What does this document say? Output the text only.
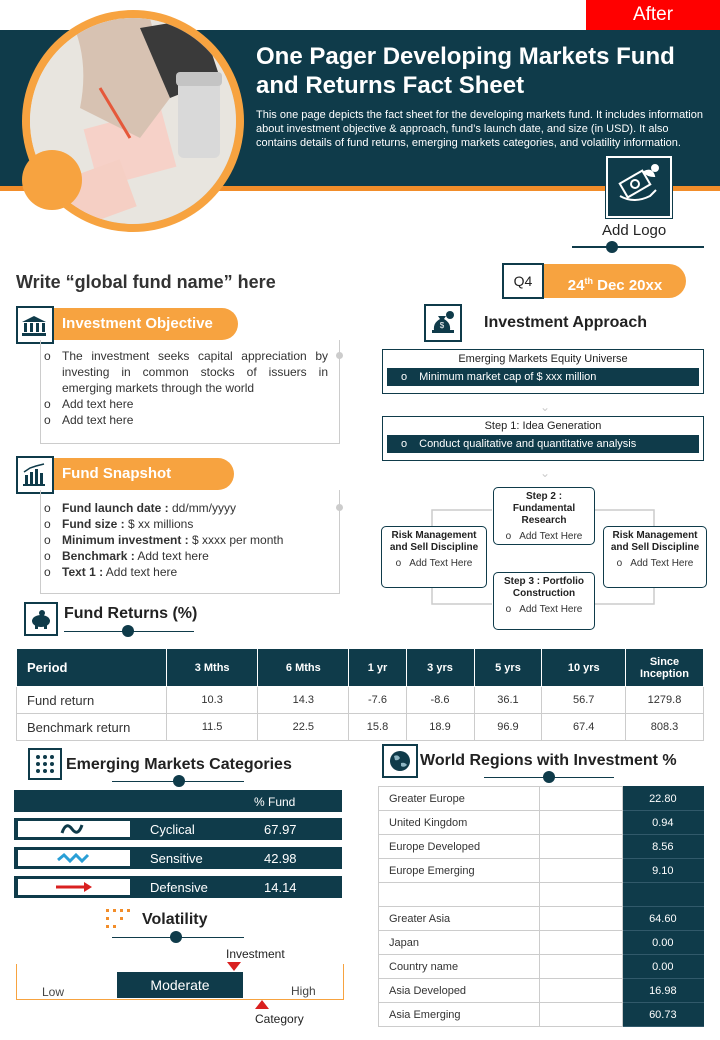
After
One Pager Developing Markets Fund and Returns Fact Sheet
This one page depicts the fact sheet for the developing markets fund. It includes information about investment objective & approach, fund’s launch date, and size (in USD). It also contains details of fund returns, emerging markets categories, and volatility information.
Add Logo
Write “global fund name” here	Q4	24th Dec 20xx
Investment Objective
o The investment seeks capital appreciation by investing in common stocks of issuers in emerging markets through the world
o Add text here
o Add text here
Fund Snapshot
o Fund launch date : dd/mm/yyyy
o Fund size : $ xx millions
o Minimum investment : $ xxxx per month
o Benchmark : Add text here
o Text 1 : Add text here
$ Investment Approach
Emerging Markets Equity Universe
o Minimum market cap of $ xxx million
⌄
Step 1: Idea Generation
o Conduct qualitative and quantitative analysis
⌄
Step 2 : Fundamental Research
o Add Text Here
Risk Management and Sell Discipline
o Add Text Here
Risk Management and Sell Discipline
o Add Text Here
Step 3 : Portfolio Construction
o Add Text Here
Fund Returns (%)
Period	3 Mths	6 Mths	1 yr	3 yrs	5 yrs	10 yrs	Since Inception
Fund return	10.3	14.3	-7.6	-8.6	36.1	56.7	1279.8
Benchmark return	11.5	22.5	15.8	18.9	96.9	67.4	808.3
Emerging Markets Categories
% Fund
Cyclical	67.97
Sensitive	42.98
Defensive	14.14
Volatility
Investment
Low	Moderate	High
Category
World Regions with Investment %
Greater Europe		22.80
United Kingdom		0.94
Europe Developed		8.56
Europe Emerging		9.10

Greater Asia		64.60
Japan		0.00
Country name		0.00
Asia Developed		16.98
Asia Emerging		60.73
